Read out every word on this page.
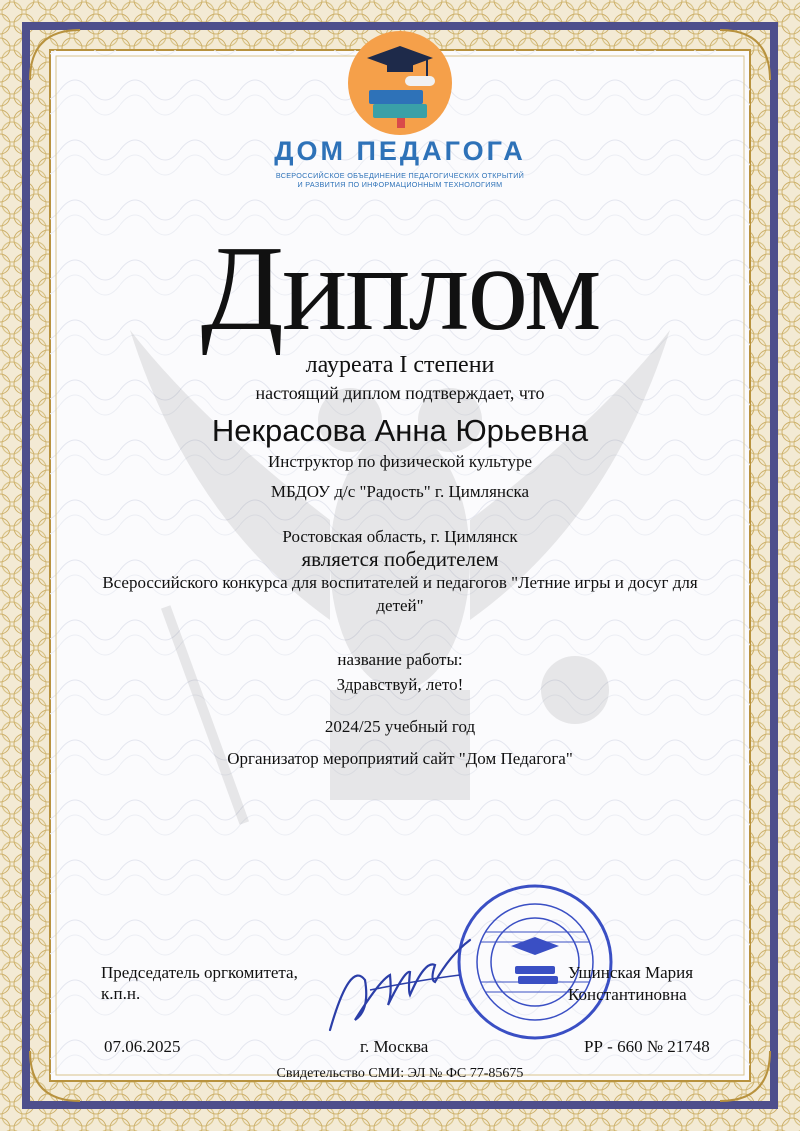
ДОМ ПЕДАГОГА
ВСЕРОССИЙСКОЕ ОБЪЕДИНЕНИЕ ПЕДАГОГИЧЕСКИХ ОТКРЫТИЙ
И РАЗВИТИЯ ПО ИНФОРМАЦИОННЫМ ТЕХНОЛОГИЯМ
Диплом
лауреата I степени
настоящий диплом подтверждает, что
Некрасова Анна Юрьевна
Инструктор по физической культуре
МБДОУ д/с "Радость" г. Цимлянска
Ростовская область, г. Цимлянск
является победителем
Всероссийского конкурса для воспитателей и педагогов "Летние игры и досуг для
детей"
название работы:
Здравствуй, лето!
2024/25 учебный год
Организатор мероприятий сайт "Дом Педагога"
Председатель оргкомитета,
к.п.н.
Ушинская Мария
Константиновна
07.06.2025	г. Москва	РР - 660 № 21748
Свидетельство СМИ: ЭЛ № ФС 77-85675
